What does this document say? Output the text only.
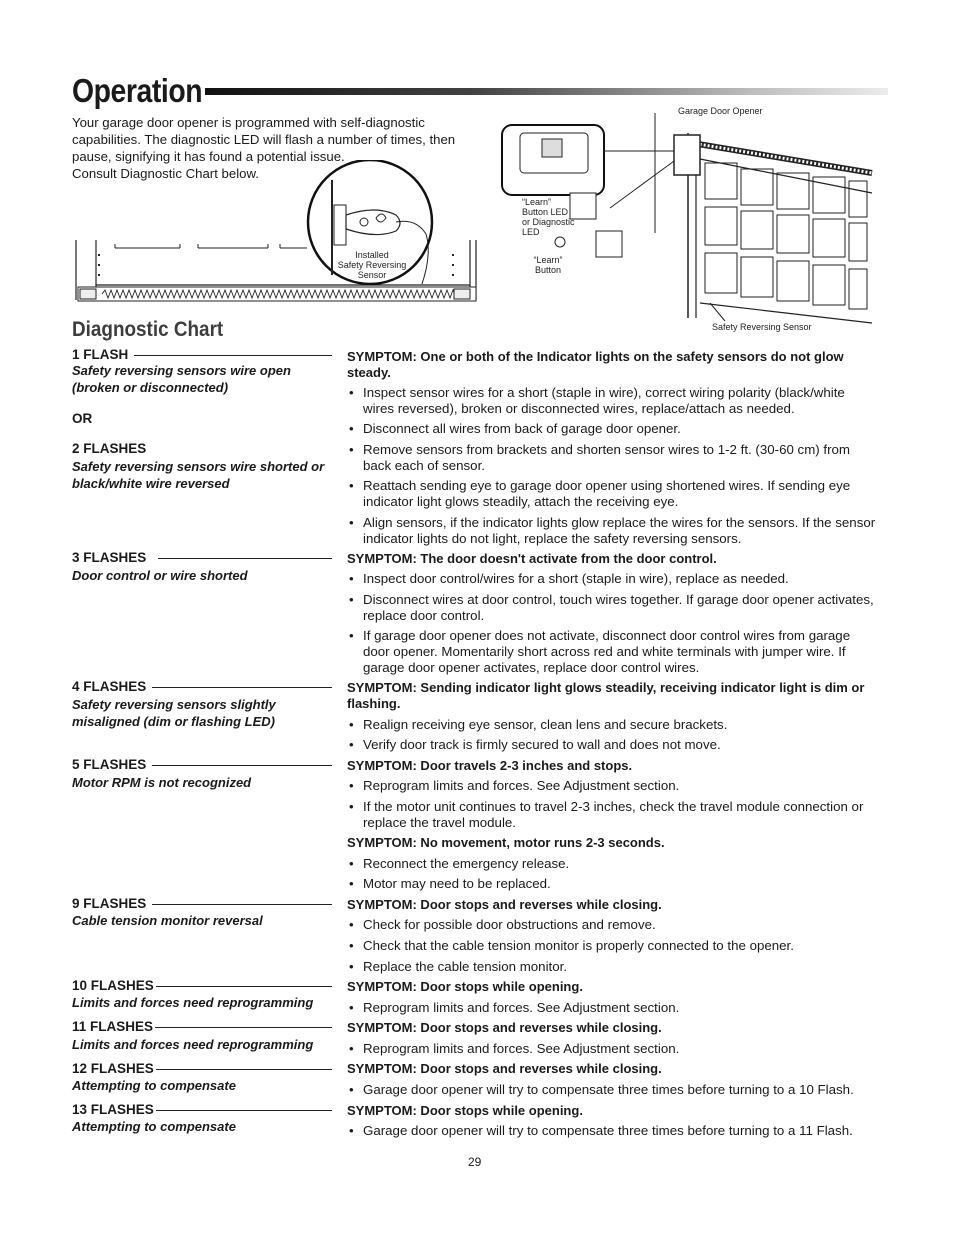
Operation

Your garage door opener is programmed with self-diagnostic

capabilities. The diagnostic LED will flash a number of times, then

pause, signifying it has found a potential issue.

Consult Diagnostic Chart below.

Installed
Safety Reversing
Sensor
Garage Door Opener
“Learn”
Button LED
or Diagnostic
LED
“Learn”
Button
Safety Reversing Sensor
Diagnostic Chart
1 FLASH
Safety reversing sensors wire open
(broken or disconnected)
OR
2 FLASHES
Safety reversing sensors wire shorted or
black/white wire reversed
SYMPTOM: One or both of the Indicator lights on the safety sensors do not glow
steady.
• Inspect sensor wires for a short (staple in wire), correct wiring polarity (black/white
wires reversed), broken or disconnected wires, replace/attach as needed.
• Disconnect all wires from back of garage door opener.
• Remove sensors from brackets and shorten sensor wires to 1-2 ft. (30-60 cm) from
back each of sensor.
• Reattach sending eye to garage door opener using shortened wires. If sending eye
indicator light glows steadily, attach the receiving eye.
• Align sensors, if the indicator lights glow replace the wires for the sensors. If the sensor
indicator lights do not light, replace the safety reversing sensors.
3 FLASHES
Door control or wire shorted
SYMPTOM: The door doesn't activate from the door control.
• Inspect door control/wires for a short (staple in wire), replace as needed.
• Disconnect wires at door control, touch wires together. If garage door opener activates,
replace door control.
• If garage door opener does not activate, disconnect door control wires from garage
door opener. Momentarily short across red and white terminals with jumper wire. If
garage door opener activates, replace door control wires.
4 FLASHES
Safety reversing sensors slightly
misaligned (dim or flashing LED)
SYMPTOM: Sending indicator light glows steadily, receiving indicator light is dim or
flashing.
• Realign receiving eye sensor, clean lens and secure brackets.
• Verify door track is firmly secured to wall and does not move.
5 FLASHES
Motor RPM is not recognized
SYMPTOM: Door travels 2-3 inches and stops.
• Reprogram limits and forces. See Adjustment section.
• If the motor unit continues to travel 2-3 inches, check the travel module connection or
replace the travel module.
SYMPTOM: No movement, motor runs 2-3 seconds.
• Reconnect the emergency release.
• Motor may need to be replaced.
9 FLASHES
Cable tension monitor reversal
SYMPTOM: Door stops and reverses while closing.
• Check for possible door obstructions and remove.
• Check that the cable tension monitor is properly connected to the opener.
• Replace the cable tension monitor.
10 FLASHES
Limits and forces need reprogramming
SYMPTOM: Door stops while opening.
• Reprogram limits and forces. See Adjustment section.
11 FLASHES
Limits and forces need reprogramming
SYMPTOM: Door stops and reverses while closing.
• Reprogram limits and forces. See Adjustment section.
12 FLASHES
Attempting to compensate
SYMPTOM: Door stops and reverses while closing.
• Garage door opener will try to compensate three times before turning to a 10 Flash.
13 FLASHES
Attempting to compensate
SYMPTOM: Door stops while opening.
• Garage door opener will try to compensate three times before turning to a 11 Flash.
29
